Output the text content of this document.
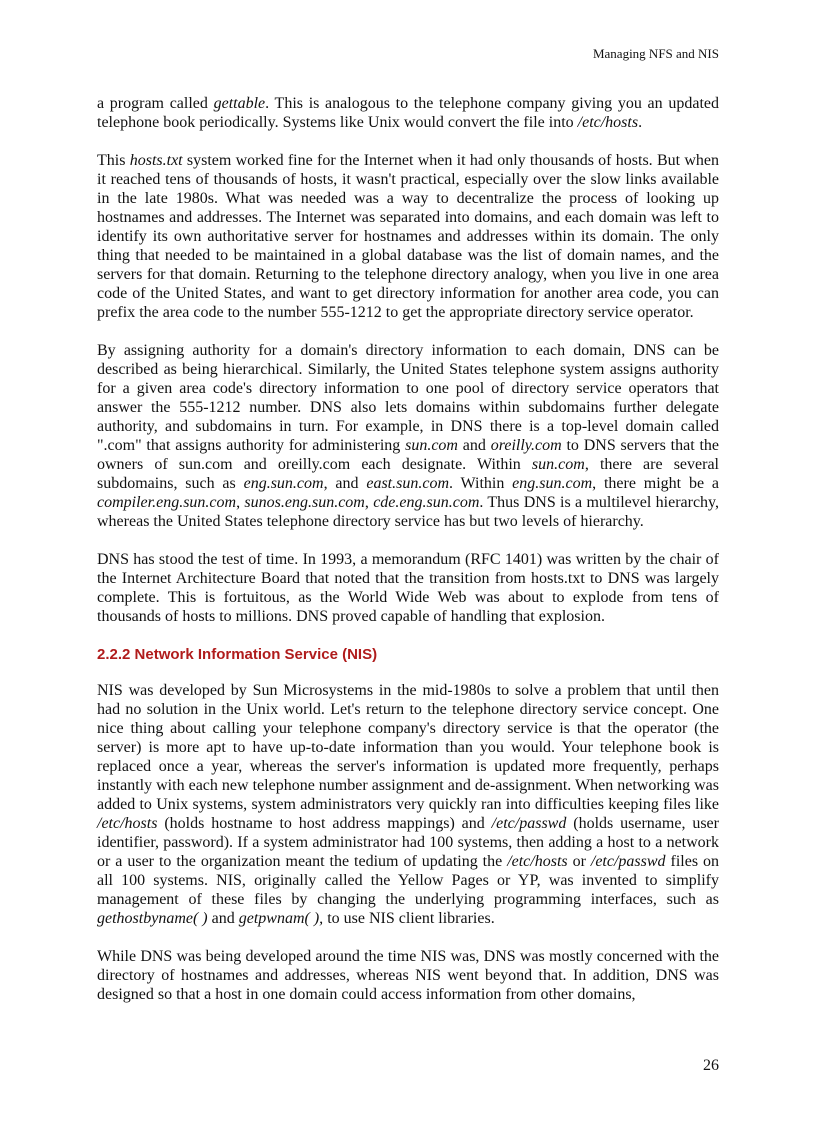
Managing NFS and NIS

a program called gettable. This is analogous to the telephone company giving you an updated telephone book periodically. Systems like Unix would convert the file into /etc/hosts.

This hosts.txt system worked fine for the Internet when it had only thousands of hosts. But when it reached tens of thousands of hosts, it wasn't practical, especially over the slow links available in the late 1980s. What was needed was a way to decentralize the process of looking up hostnames and addresses. The Internet was separated into domains, and each domain was left to identify its own authoritative server for hostnames and addresses within its domain. The only thing that needed to be maintained in a global database was the list of domain names, and the servers for that domain. Returning to the telephone directory analogy, when you live in one area code of the United States, and want to get directory information for another area code, you can prefix the area code to the number 555-1212 to get the appropriate directory service operator.

By assigning authority for a domain's directory information to each domain, DNS can be described as being hierarchical. Similarly, the United States telephone system assigns authority for a given area code's directory information to one pool of directory service operators that answer the 555-1212 number. DNS also lets domains within subdomains further delegate authority, and subdomains in turn. For example, in DNS there is a top-level domain called ".com" that assigns authority for administering sun.com and oreilly.com to DNS servers that the owners of sun.com and oreilly.com each designate. Within sun.com, there are several subdomains, such as eng.sun.com, and east.sun.com. Within eng.sun.com, there might be a compiler.eng.sun.com, sunos.eng.sun.com, cde.eng.sun.com. Thus DNS is a multilevel hierarchy, whereas the United States telephone directory service has but two levels of hierarchy.

DNS has stood the test of time. In 1993, a memorandum (RFC 1401) was written by the chair of the Internet Architecture Board that noted that the transition from hosts.txt to DNS was largely complete. This is fortuitous, as the World Wide Web was about to explode from tens of thousands of hosts to millions. DNS proved capable of handling that explosion.

2.2.2 Network Information Service (NIS)

NIS was developed by Sun Microsystems in the mid-1980s to solve a problem that until then had no solution in the Unix world. Let's return to the telephone directory service concept. One nice thing about calling your telephone company's directory service is that the operator (the server) is more apt to have up-to-date information than you would. Your telephone book is replaced once a year, whereas the server's information is updated more frequently, perhaps instantly with each new telephone number assignment and de-assignment. When networking was added to Unix systems, system administrators very quickly ran into difficulties keeping files like /etc/hosts (holds hostname to host address mappings) and /etc/passwd (holds username, user identifier, password). If a system administrator had 100 systems, then adding a host to a network or a user to the organization meant the tedium of updating the /etc/hosts or /etc/passwd files on all 100 systems. NIS, originally called the Yellow Pages or YP, was invented to simplify management of these files by changing the underlying programming interfaces, such as gethostbyname( ) and getpwnam( ), to use NIS client libraries.

While DNS was being developed around the time NIS was, DNS was mostly concerned with the directory of hostnames and addresses, whereas NIS went beyond that. In addition, DNS was designed so that a host in one domain could access information from other domains,

26
